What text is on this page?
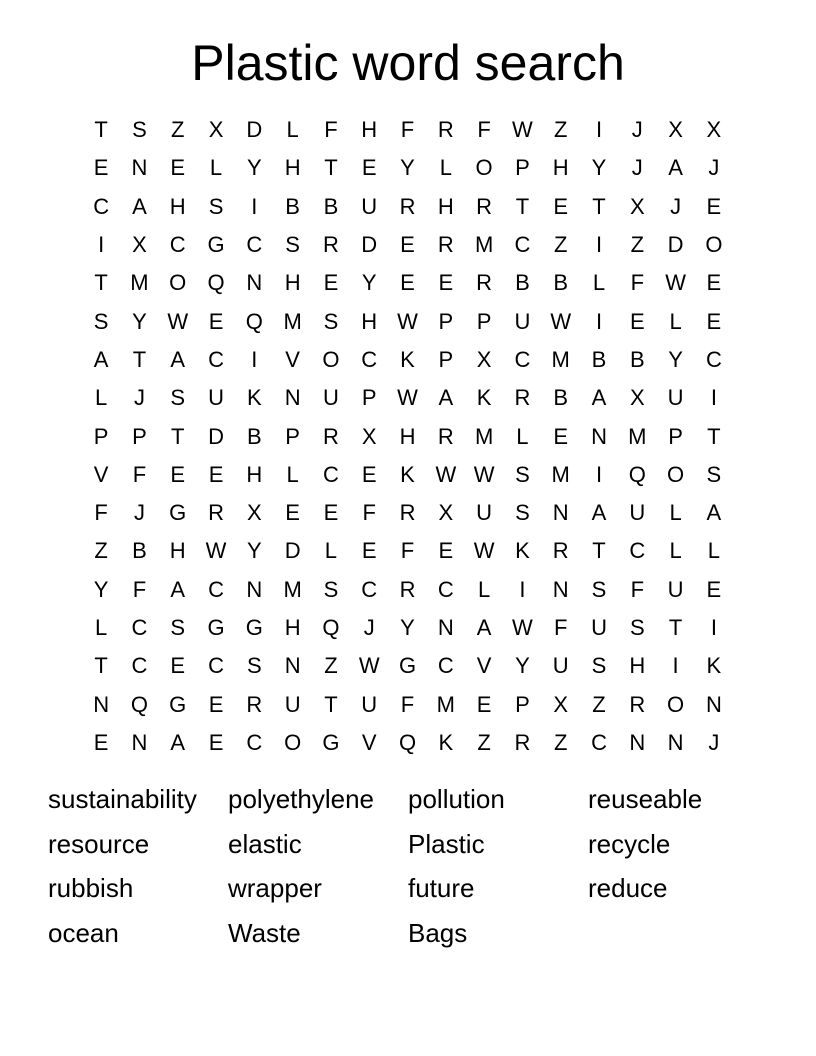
Plastic word search
T	S	Z	X	D	L	F	H	F	R	F W Z	I	J	X	X
E	N	E	L	Y	H	T	E	Y	L	O	P	H	Y	J	A	J
C	A	H	S	I	B	B	U	R	H	R	T	E	T	X	J	E
I	X	C G C	S	R	D	E	R M C	Z	I	Z	D O
T	M O Q N	H	E	Y	E	E	R	B	B	L	F W E
S	Y W E	Q M S	H W P	P	U W	I	E	L	E
A	T	A	C	I	V	O C	K	P	X	C M B	B	Y	C
L	J	S	U	K	N	U	P W A	K	R	B	A	X	U	I
P	P	T	D	B	P	R	X	H	R M	L	E	N M P	T
V	F	E	E	H	L	C	E	K W W S M	I	Q O	S
F	J	G R	X	E	E	F	R	X	U	S	N	A	U	L	A
Z	B	H W Y	D	L	E	F	E W K	R	T	C	L	L
Y	F	A	C	N M S	C	R	C	L	I	N	S	F	U	E
L	C	S	G G H Q	J	Y	N	A W F	U	S	T	I
T	C	E	C	S	N	Z W G C	V	Y	U	S	H	I	K
N Q G	E	R	U	T	U	F	M E	P	X	Z	R O N
E	N	A	E	C O G	V	Q	K	Z	R	Z	C	N	N	J
sustainability	polyethylene	pollution	reuseable
resource	elastic	Plastic	recycle
rubbish	wrapper	future	reduce
ocean	Waste	Bags
